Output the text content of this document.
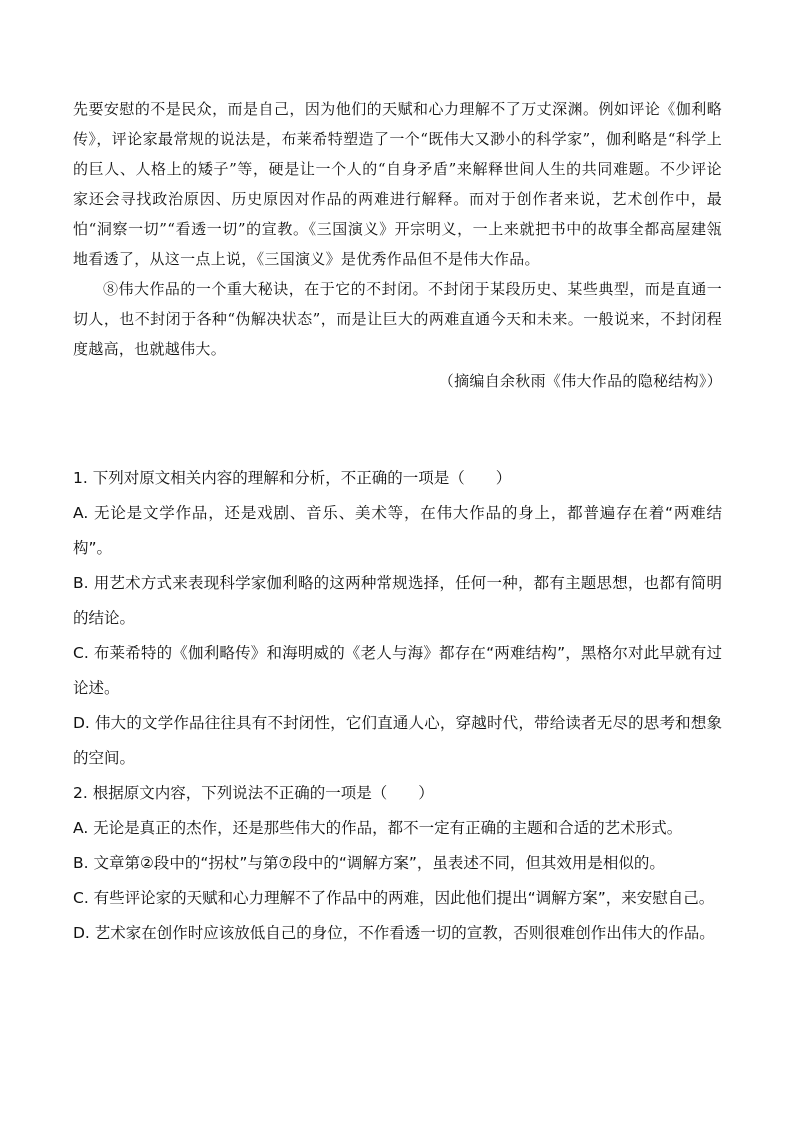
先要安慰的不是民众，而是自己，因为他们的天赋和心力理解不了万丈深渊。例如评论《伽利略传》，评论家最常规的说法是，布莱希特塑造了一个“既伟大又渺小的科学家”，伽利略是“科学上的巨人、人格上的矮子”等，硬是让一个人的“自身矛盾”来解释世间人生的共同难题。不少评论家还会寻找政治原因、历史原因对作品的两难进行解释。而对于创作者来说，艺术创作中，最怕“洞察一切”“看透一切”的宣教。《三国演义》开宗明义，一上来就把书中的故事全都高屋建瓴地看透了，从这一点上说，《三国演义》是优秀作品但不是伟大作品。

⑧伟大作品的一个重大秘诀，在于它的不封闭。不封闭于某段历史、某些典型，而是直通一切人，也不封闭于各种“伪解决状态”，而是让巨大的两难直通今天和未来。一般说来，不封闭程度越高，也就越伟大。

（摘编自余秋雨《伟大作品的隐秘结构》）

1. 下列对原文相关内容的理解和分析，不正确的一项是（　　）

A. 无论是文学作品，还是戏剧、音乐、美术等，在伟大作品的身上，都普遍存在着“两难结构”。

B. 用艺术方式来表现科学家伽利略的这两种常规选择，任何一种，都有主题思想，也都有简明的结论。

C. 布莱希特的《伽利略传》和海明威的《老人与海》都存在“两难结构”，黑格尔对此早就有过论述。

D. 伟大的文学作品往往具有不封闭性，它们直通人心，穿越时代，带给读者无尽的思考和想象的空间。

2. 根据原文内容，下列说法不正确的一项是（　　）

A. 无论是真正的杰作，还是那些伟大的作品，都不一定有正确的主题和合适的艺术形式。

B. 文章第②段中的“拐杖”与第⑦段中的“调解方案”，虽表述不同，但其效用是相似的。

C. 有些评论家的天赋和心力理解不了作品中的两难，因此他们提出“调解方案”，来安慰自己。

D. 艺术家在创作时应该放低自己的身位，不作看透一切的宣教，否则很难创作出伟大的作品。
